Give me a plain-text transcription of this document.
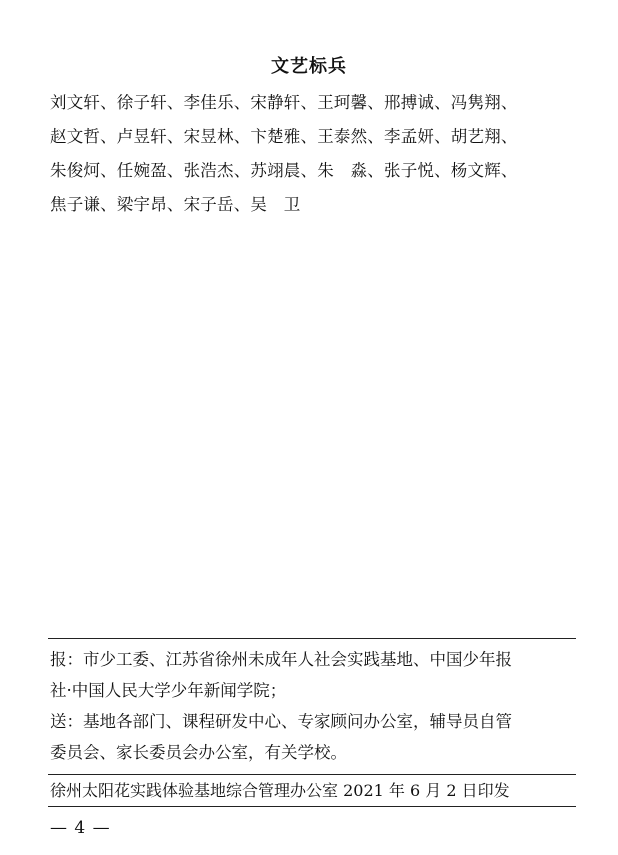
文艺标兵
刘文轩、徐子轩、李佳乐、宋静轩、王珂馨、邢搏诚、冯隽翔、
赵文哲、卢昱轩、宋昱林、卞楚雅、王泰然、李孟妍、胡艺翔、
朱俊炣、任婉盈、张浩杰、苏翊晨、朱　淼、张子悦、杨文辉、
焦子谦、梁宇昂、宋子岳、吴　卫
报：市少工委、江苏省徐州未成年人社会实践基地、中国少年报
社·中国人民大学少年新闻学院；
送：基地各部门、课程研发中心、专家顾问办公室，辅导员自管
委员会、家长委员会办公室，有关学校。
徐州太阳花实践体验基地综合管理办公室 2021 年 6 月 2 日印发
— 4 —
